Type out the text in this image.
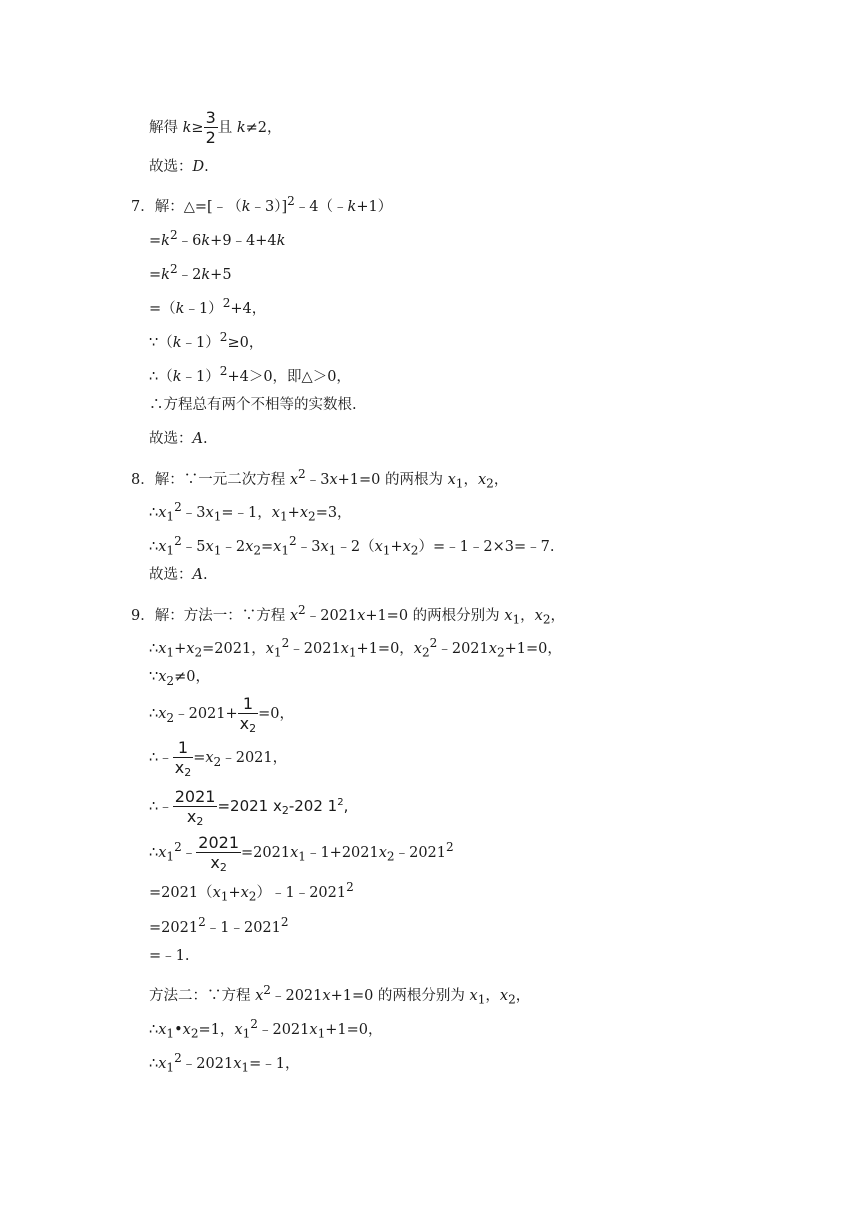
解得 $k\ge \frac{3}{2}$ 且 k≠2，
故选：D.
7．解：△=[﹣（k﹣3）]$^2$﹣4（﹣k+1）
$=k^2﹣6k+9﹣4+4k$
$=k^2﹣2k+5$
=（k﹣1）$^2$+4，
∵（k﹣1）$^2$≥0，
∴（k﹣1）$^2$+4＞0，即△＞0，
∴方程总有两个不相等的实数根.
故选：A.
8．解：∵一元二次方程 $x^2﹣3x+1=0$ 的两根为 $x_1$，$x_2$，
$\therefore x_1^2﹣3x_1=﹣1$，$x_1+x_2=3$，
$\therefore x_1^2﹣5x_1﹣2x_2=x_1^2﹣3x_1﹣2(x_1+x_2)=﹣1﹣2\times 3=﹣7$.
故选：A.
9．解：方法一：∵方程 $x^2﹣2021x+1=0$ 的两根分别为 $x_1$，$x_2$，
$\therefore x_1+x_2=2021$，$x_1^2﹣2021x_1+1=0$，$x_2^2﹣2021x_2+1=0$，
$\because x_2\ne 0$，
$\therefore x_2﹣2021+ \frac{1}{x2} =0$，
∴﹣ $\frac{1}{x2}$ $=x_2﹣2021$，
∴﹣ $\frac{2021}{x2} =2021$ $x_2-202$ $1^2$,
$\therefore x_1^2﹣ \frac{2021}{x2}$ $=2021x_1﹣1+2021x_2﹣2021^2$
$=2021(x_1+x_2)﹣1﹣2021^2$
$=2021^2﹣1﹣2021^2$
=﹣1.
方法二：∵方程 $x^2﹣2021x+1=0$ 的两根分别为 $x_1$，$x_2$，
$\therefore x_1•x_2=1$，$x_1^2﹣2021x_1+1=0$，
$\therefore x_1^2﹣2021x_1=﹣1$，
